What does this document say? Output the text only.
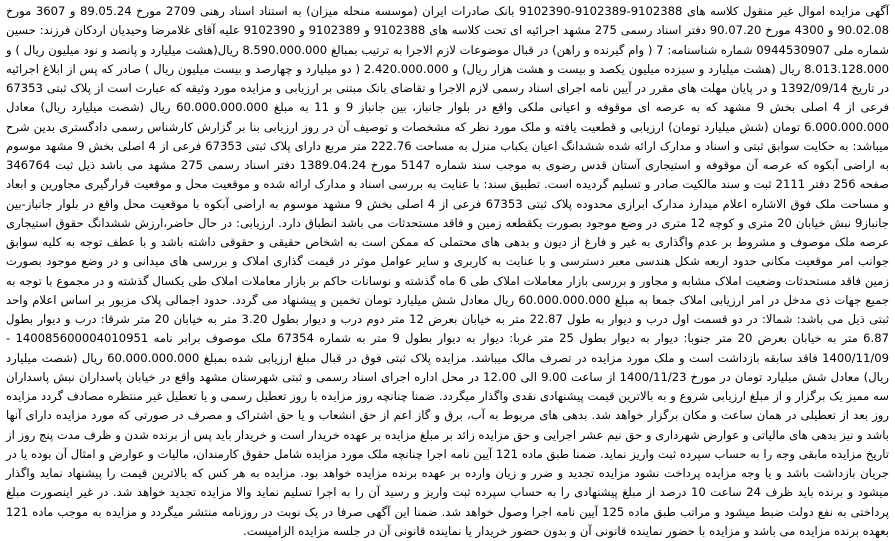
آگهی مزایده اموال غیر منقول کلاسه های 9102388-9102389-9102390 بانک صادرات ایران (موسسه منحله میزان) به استناد اسناد رهنی 2709 مورخ 89.05.24 و 3607 مورخ 90.02.08 و 4300 مورخ 90.07.20 دفتر اسناد رسمی 275 مشهد اجرائیه ای تحت کلاسه های 9102388 و 9102389 و 9102390 علیه آقای غلامرضا وحیدیان اردکان فرزند: حسین شماره ملی 0944530907 شماره شناسنامه: 7 ( وام گیرنده و راهن) در قبال موضوعات لازم الاجرا به ترتیب بمبالغ 8.590.000.000 ریال(هشت میلیارد و پانصد و نود میلیون ریال ) و 8.013.128.000 ریال (هشت میلیارد و سیزده میلیون یکصد و بیست و هشت هزار ریال) و 2.420.000.000 ( دو میلیارد و چهارصد و بیست میلیون ریال ) صادر که پس از ابلاغ اجرائیه در تاریخ 1392/09/14 و در پایان مهلت های مقرر در آیین نامه اجرای اسناد رسمی لازم الاجرا و تقاضای بانک مبتنی بر ارزیابی و مزایده مورد وثیقه که عبارت است از پلاک ثبتی 67353 فرعی از 4 اصلی بخش 9 مشهد که به عرصه ای موقوفه و اعیانی ملکی واقع در بلوار جانباز، بین جانباز 9 و 11 به مبلغ 60.000.000.000 ریال (شصت میلیارد ریال) معادل 6.000.000.000 تومان (شش میلیارد تومان) ارزیابی و قطعیت یافته و ملک مورد نظر که مشخصات و توصیف آن در روز ارزیابی بنا بر گزارش کارشناس رسمی دادگستری بدین شرح میباشد: به حکایت سوابق ثبتی و اسناد و مدارک ارائه شده ششدانگ اعیان یکباب منزل به مساحت 222.76 متر مربع دارای پلاک ثبتی 67353 فرعی از 4 اصلی بخش 9 مشهد موسوم به اراضی آبکوه که عرصه آن موقوفه و استیجاری آستان قدس رضوی به موجب سند شماره 5147 مورخ 1389.04.24 دفتر اسناد رسمی 275 مشهد می باشد ذیل ثبت 346764 صفحه 256 دفتر 2111 ثبت و سند مالکیت صادر و تسلیم گردیده است. تطبیق سند: با عنایت به بررسی اسناد و مدارک ارائه شده و موقعیت محل و موقعیت قرارگیری مجاورین و ابعاد و مساحت ملک فوق الاشاره اعلام میدارد مدارک ابرازی محدوده پلاک ثبتی 67353 فرعی از 4 اصلی بخش 9 مشهد موسوم به اراضی آبکوه با موقعیت محل واقع در بلوار جانباز-بین جانباز9 نبش خیابان 20 متری و کوچه 12 متری در وضع موجود بصورت یکقطعه زمین و فاقد مستحدثات می باشد انطباق دارد. ارزیابی: در حال حاضر،ارزش ششدانگ حقوق استیجاری عرصه ملک موصوف و مشروط بر عدم واگذاری به غیر و فارغ از دیون و بدهی های محتملی که ممکن است به اشخاص حقیقی و حقوقی داشته باشد و با عطف توجه به کلیه سوابق جوانب امر موقعیت مکانی حدود اربعه شکل هندسی معبر دسترسی و با عنایت به کاربری و سایر عوامل موثر در قیمت گذاری املاک و بررسی های میدانی و در وضع موجود بصورت زمین فاقد مستحدثات وضعیت املاک مشابه و مجاور و بررسی بازار معاملات املاک طی 6 ماه گذشته و نوسانات حاکم بر بازار معاملات املاک طی یکسال گذشته و در مجموع با توجه به جمیع جهات ذی مدخل در امر ارزیابی املاک جمعا به مبلغ 60.000.000.000 ریال معادل شش میلیارد تومان تخمین و پیشنهاد می گردد. حدود اجمالی پلاک مزبور بر اساس اعلام واحد ثبتی ذیل می باشد: شمالا: در دو قسمت اول درب و دیوار به طول 22.87 متر به خیابان بعرض 12 متر دوم درب و دیوار بطول 3.20 متر به خیابان 20 متر شرقا: درب و دیوار بطول 6.87 متر به خیابان بعرض 20 متر جنوبا: دیوار به دیوار بطول 25 متر غربا: دیوار به دیوار بطول 9 متر به شماره 67354 ملک موصوف برابر نامه 140085600004010951 - 1400/11/09 فاقد سابقه بازداشت است و ملک مورد مزایده در تصرف مالک میباشد. مزایده پلاک ثبتی فوق در قبال مبلغ ارزیابی شده بمبلغ 60.000.000.000 ریال (شصت میلیارد ریال) معادل شش میلیارد تومان در مورخ 1400/11/23 از ساعت 9.00 الی 12.00 در محل اداره اجرای اسناد رسمی و ثبتی شهرستان مشهد واقع در خیابان پاسداران نبش پاسداران سه ممیز یک برگزار و از مبلغ ارزیابی شروع و به بالاترین قیمت پیشنهادی نقدی واگذار میگردد. ضمنا چنانچه روز مزایده با روز تعطیل رسمی و یا تعطیل غیر منتظره مصادف گردد مزایده روز بعد از تعطیلی در همان ساعت و مکان برگزار خواهد شد. بدهی های مربوط به آب، برق و گاز اعم از حق انشعاب و یا حق اشتراک و مصرف در صورتی که مورد مزایده دارای آنها باشد و نیز بدهی های مالیاتی و عوارض شهرداری و حق نیم عشر اجرایی و حق مزایده زائد بر مبلغ مزایده بر عهده خریدار است و خریدار باید پس از برنده شدن و ظرف مدت پنج روز از تاریخ مزایده مابقی وجه را به حساب سپرده ثبت واریز نماید. ضمنا طبق ماده 121 آیین نامه اجرا چنانچه ملک مورد مزایده شامل حقوق کارمندان، مالیات و عوارض و امثال آن بوده یا در جریان بازداشت باشد و یا وجه مزایده پرداخت نشود مزایده تجدید و ضرر و زیان وارده بر عهده برنده مزایده خواهد بود. مزایده به هر کس که بالاترین قیمت را پیشنهاد نماید واگذار میشود و برنده باید ظرف 24 ساعت 10 درصد از مبلغ پیشنهادی را به حساب سپرده ثبت واریز و رسید آن را به اجرا تسلیم نماید والا مزایده تجدید خواهد شد. در غیر اینصورت مبلغ پرداختی به نفع دولت ضبط میشود و مراتب طبق ماده 125 آیین نامه اجرا وصول خواهد شد. ضمنا این آگهی صرفا در یک نوبت در روزنامه منتشر میگردد و مزایده به موجب ماده 121 بعهده برنده مزایده می باشد و مزایده با حضور نماینده قانونی آن و بدون حضور خریدار یا نماینده قانونی آن در جلسه مزایده الزامیست.
